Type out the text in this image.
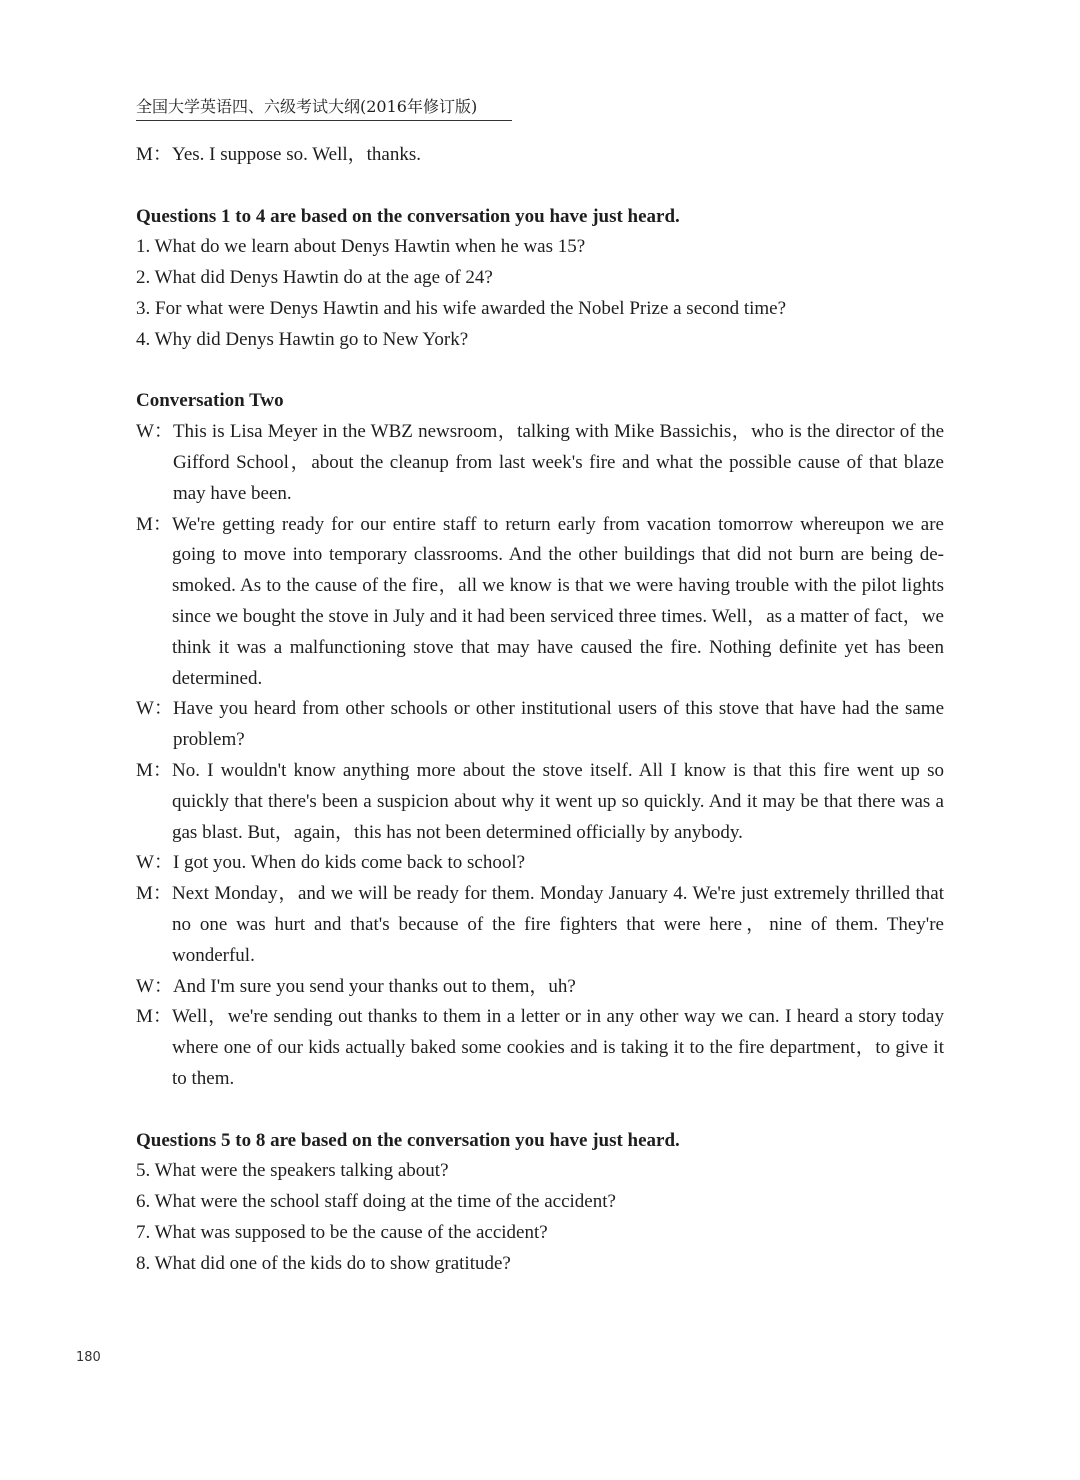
全国大学英语四、六级考试大纲(2016年修订版)
M： Yes. I suppose so. Well，thanks.

Questions 1 to 4 are based on the conversation you have just heard.

1. What do we learn about Denys Hawtin when he was 15?

2. What did Denys Hawtin do at the age of 24?

3. For what were Denys Hawtin and his wife awarded the Nobel Prize a second time?

4. Why did Denys Hawtin go to New York?

Conversation Two

W： This is Lisa Meyer in the WBZ newsroom，talking with Mike Bassichis，who is the director of the Gifford School，about the cleanup from last week's fire and what the possible cause of that blaze may have been.
M： We're getting ready for our entire staff to return early from vacation tomorrow whereupon we are going to move into temporary classrooms. And the other buildings that did not burn are being de-smoked. As to the cause of the fire，all we know is that we were having trouble with the pilot lights since we bought the stove in July and it had been serviced three times. Well，as a matter of fact，we think it was a malfunctioning stove that may have caused the fire. Nothing definite yet has been determined.
W： Have you heard from other schools or other institutional users of this stove that have had the same problem?
M： No. I wouldn't know anything more about the stove itself. All I know is that this fire went up so quickly that there's been a suspicion about why it went up so quickly. And it may be that there was a gas blast. But，again，this has not been determined officially by anybody.
W： I got you. When do kids come back to school?
M： Next Monday，and we will be ready for them. Monday January 4. We're just extremely thrilled that no one was hurt and that's because of the fire fighters that were here，nine of them. They're wonderful.
W： And I'm sure you send your thanks out to them，uh?
M： Well，we're sending out thanks to them in a letter or in any other way we can. I heard a story today where one of our kids actually baked some cookies and is taking it to the fire department，to give it to them.

Questions 5 to 8 are based on the conversation you have just heard.

5. What were the speakers talking about?

6. What were the school staff doing at the time of the accident?

7. What was supposed to be the cause of the accident?

8. What did one of the kids do to show gratitude?

180
